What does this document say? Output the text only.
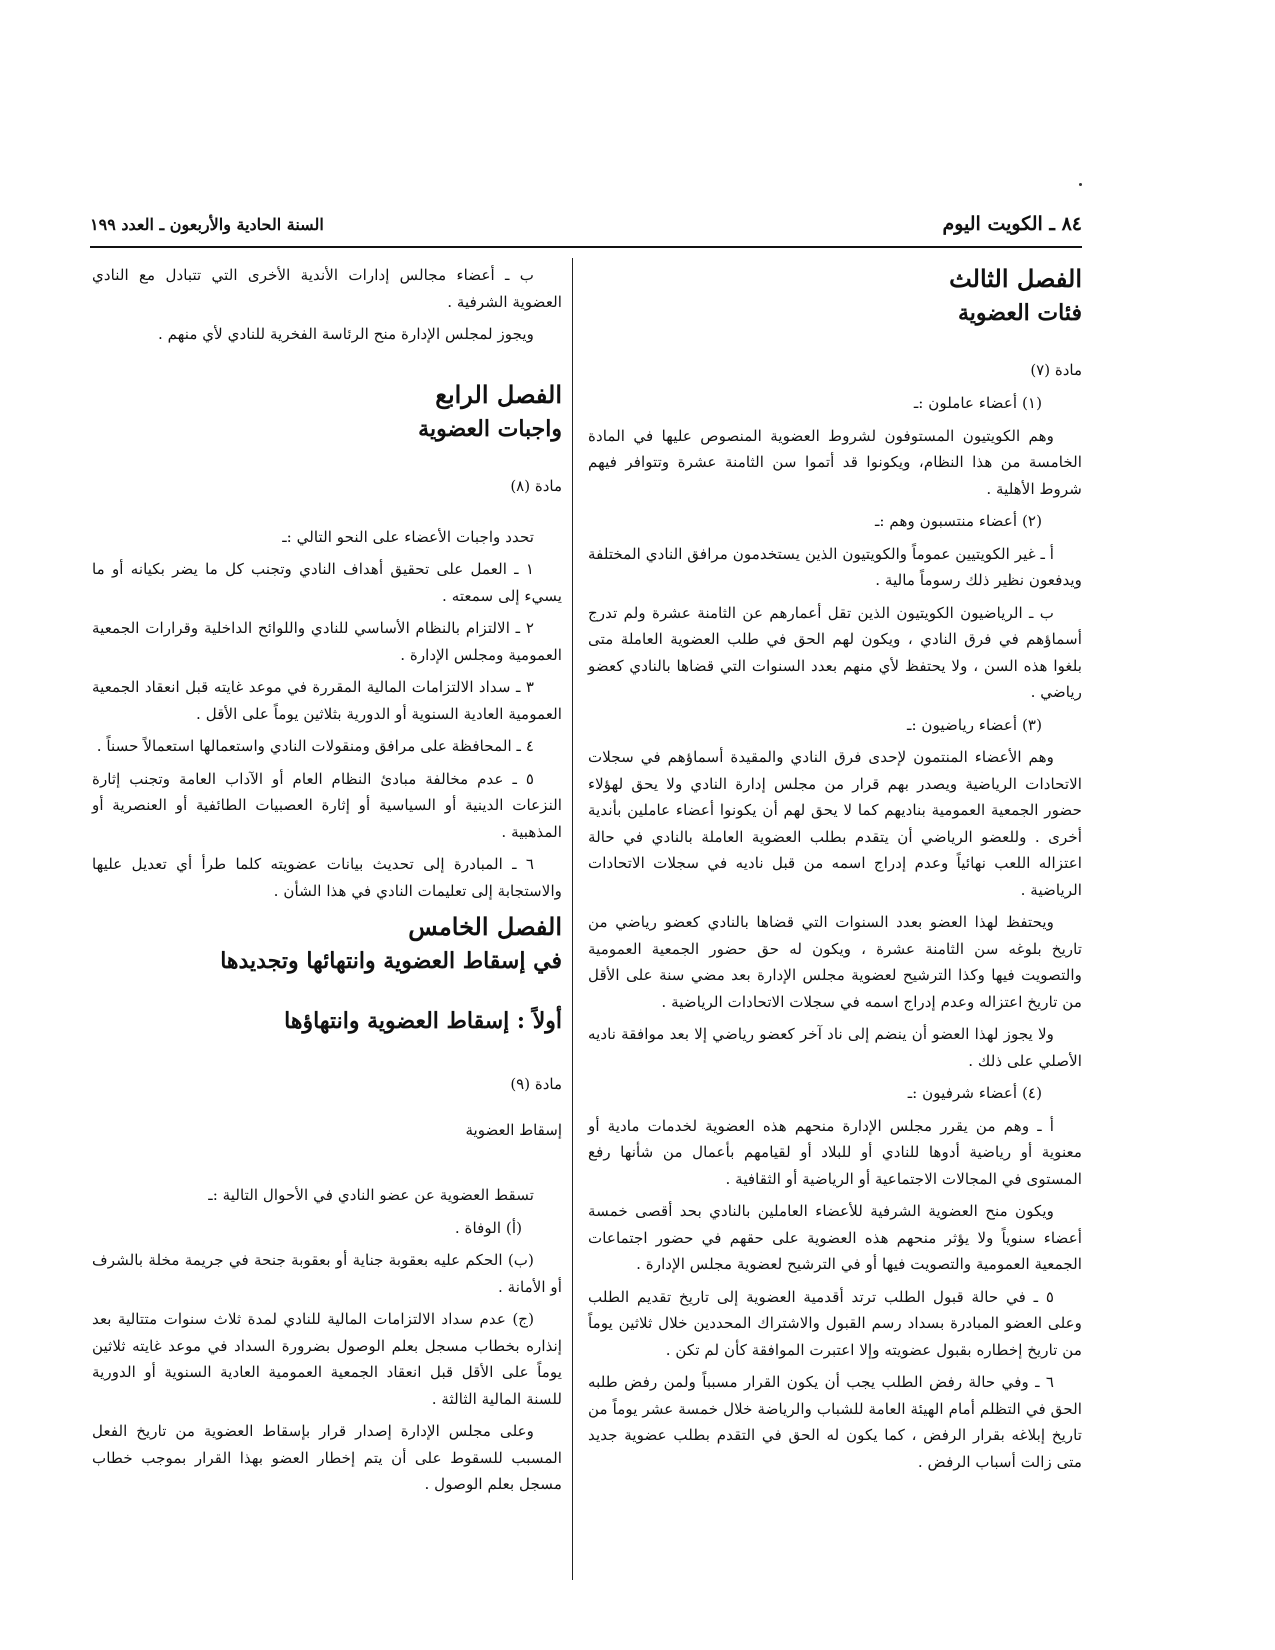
٨٤ ـ الكويت اليوم
السنة الحادية والأربعون ـ العدد ١٩٩
الفصل الثالث
فئات العضوية
مادة (٧)
(١) أعضاء عاملون :ـ
وهم الكويتيون المستوفون لشروط العضوية المنصوص عليها في المادة الخامسة من هذا النظام، ويكونوا قد أتموا سن الثامنة عشرة وتتوافر فيهم شروط الأهلية .
(٢) أعضاء منتسبون وهم :ـ
أ ـ غير الكويتيين عموماً والكويتيون الذين يستخدمون مرافق النادي المختلفة ويدفعون نظير ذلك رسوماً مالية .
ب ـ الرياضيون الكويتيون الذين تقل أعمارهم عن الثامنة عشرة ولم تدرج أسماؤهم في فرق النادي ، ويكون لهم الحق في طلب العضوية العاملة متى بلغوا هذه السن ، ولا يحتفظ لأي منهم بعدد السنوات التي قضاها بالنادي كعضو رياضي .
(٣) أعضاء رياضيون :ـ
وهم الأعضاء المنتمون لإحدى فرق النادي والمقيدة أسماؤهم في سجلات الاتحادات الرياضية ويصدر بهم قرار من مجلس إدارة النادي ولا يحق لهؤلاء حضور الجمعية العمومية بناديهم كما لا يحق لهم أن يكونوا أعضاء عاملين بأندية أخرى . وللعضو الرياضي أن يتقدم بطلب العضوية العاملة بالنادي في حالة اعتزاله اللعب نهائياً وعدم إدراج اسمه من قبل ناديه في سجلات الاتحادات الرياضية .
ويحتفظ لهذا العضو بعدد السنوات التي قضاها بالنادي كعضو رياضي من تاريخ بلوغه سن الثامنة عشرة ، ويكون له حق حضور الجمعية العمومية والتصويت فيها وكذا الترشيح لعضوية مجلس الإدارة بعد مضي سنة على الأقل من تاريخ اعتزاله وعدم إدراج اسمه في سجلات الاتحادات الرياضية .
ولا يجوز لهذا العضو أن ينضم إلى ناد آخر كعضو رياضي إلا بعد موافقة ناديه الأصلي على ذلك .
(٤) أعضاء شرفيون :ـ
أ ـ وهم من يقرر مجلس الإدارة منحهم هذه العضوية لخدمات مادية أو معنوية أو رياضية أدوها للنادي أو للبلاد أو لقيامهم بأعمال من شأنها رفع المستوى في المجالات الاجتماعية أو الرياضية أو الثقافية .
ويكون منح العضوية الشرفية للأعضاء العاملين بالنادي بحد أقصى خمسة أعضاء سنوياً ولا يؤثر منحهم هذه العضوية على حقهم في حضور اجتماعات الجمعية العمومية والتصويت فيها أو في الترشيح لعضوية مجلس الإدارة .
٥ ـ في حالة قبول الطلب ترتد أقدمية العضوية إلى تاريخ تقديم الطلب وعلى العضو المبادرة بسداد رسم القبول والاشتراك المحددين خلال ثلاثين يوماً من تاريخ إخطاره بقبول عضويته وإلا اعتبرت الموافقة كأن لم تكن .
٦ ـ وفي حالة رفض الطلب يجب أن يكون القرار مسبباً ولمن رفض طلبه الحق في التظلم أمام الهيئة العامة للشباب والرياضة خلال خمسة عشر يوماً من تاريخ إبلاغه بقرار الرفض ، كما يكون له الحق في التقدم بطلب عضوية جديد متى زالت أسباب الرفض .
ب ـ أعضاء مجالس إدارات الأندية الأخرى التي تتبادل مع النادي العضوية الشرفية .
ويجوز لمجلس الإدارة منح الرئاسة الفخرية للنادي لأي منهم .
الفصل الرابع
واجبات العضوية
مادة (٨)
تحدد واجبات الأعضاء على النحو التالي :ـ
١ ـ العمل على تحقيق أهداف النادي وتجنب كل ما يضر بكيانه أو ما يسيء إلى سمعته .
٢ ـ الالتزام بالنظام الأساسي للنادي واللوائح الداخلية وقرارات الجمعية العمومية ومجلس الإدارة .
٣ ـ سداد الالتزامات المالية المقررة في موعد غايته قبل انعقاد الجمعية العمومية العادية السنوية أو الدورية بثلاثين يوماً على الأقل .
٤ ـ المحافظة على مرافق ومنقولات النادي واستعمالها استعمالاً حسناً .
٥ ـ عدم مخالفة مبادئ النظام العام أو الآداب العامة وتجنب إثارة النزعات الدينية أو السياسية أو إثارة العصبيات الطائفية أو العنصرية أو المذهبية .
٦ ـ المبادرة إلى تحديث بيانات عضويته كلما طرأ أي تعديل عليها والاستجابة إلى تعليمات النادي في هذا الشأن .
الفصل الخامس
في إسقاط العضوية وانتهائها وتجديدها
أولاً : إسقاط العضوية وانتهاؤها
مادة (٩)
إسقاط العضوية
تسقط العضوية عن عضو النادي في الأحوال التالية :ـ
(أ) الوفاة .
(ب) الحكم عليه بعقوبة جناية أو بعقوبة جنحة في جريمة مخلة بالشرف أو الأمانة .
(ج) عدم سداد الالتزامات المالية للنادي لمدة ثلاث سنوات متتالية بعد إنذاره بخطاب مسجل بعلم الوصول بضرورة السداد في موعد غايته ثلاثين يوماً على الأقل قبل انعقاد الجمعية العمومية العادية السنوية أو الدورية للسنة المالية الثالثة .
وعلى مجلس الإدارة إصدار قرار بإسقاط العضوية من تاريخ الفعل المسبب للسقوط على أن يتم إخطار العضو بهذا القرار بموجب خطاب مسجل بعلم الوصول .
